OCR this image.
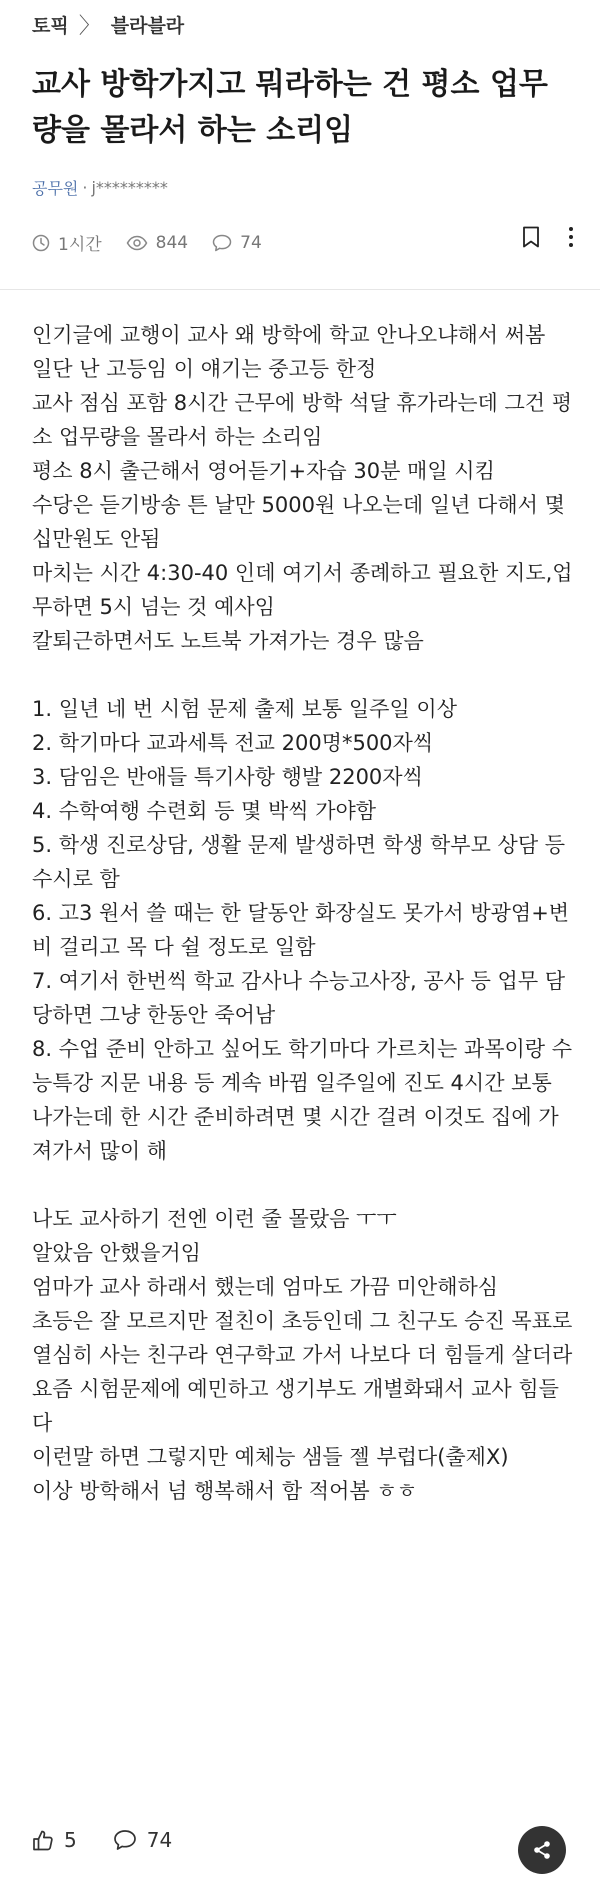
토픽 〉 블라블라
교사 방학가지고 뭐라하는 건 평소 업무량을 몰라서 하는 소리임
공무원 · j*********
1시간	844	74

인기글에 교행이 교사 왜 방학에 학교 안나오냐해서 써봄

일단 난 고등임 이 얘기는 중고등 한정

교사 점심 포함 8시간 근무에 방학 석달 휴가라는데 그건 평소 업무량을 몰라서 하는 소리임

평소 8시 출근해서 영어듣기+자습 30분 매일 시킴

수당은 듣기방송 튼 날만 5000원 나오는데 일년 다해서 몇십만원도 안됨

마치는 시간 4:30-40 인데 여기서 종례하고 필요한 지도,업무하면 5시 넘는 것 예사임

칼퇴근하면서도 노트북 가져가는 경우 많음

1. 일년 네 번 시험 문제 출제 보통 일주일 이상

2. 학기마다 교과세특 전교 200명*500자씩

3. 담임은 반애들 특기사항 행발 2200자씩

4. 수학여행 수련회 등 몇 박씩 가야함

5. 학생 진로상담, 생활 문제 발생하면 학생 학부모 상담 등 수시로 함

6. 고3 원서 쓸 때는 한 달동안 화장실도 못가서 방광염+변비 걸리고 목 다 쉴 정도로 일함

7. 여기서 한번씩 학교 감사나 수능고사장, 공사 등 업무 담당하면 그냥 한동안 죽어남

8. 수업 준비 안하고 싶어도 학기마다 가르치는 과목이랑 수능특강 지문 내용 등 계속 바뀜 일주일에 진도 4시간 보통 나가는데 한 시간 준비하려면 몇 시간 걸려 이것도 집에 가져가서 많이 해

나도 교사하기 전엔 이런 줄 몰랐음 ㅜㅜ

알았음 안했을거임

엄마가 교사 하래서 했는데 엄마도 가끔 미안해하심

초등은 잘 모르지만 절친이 초등인데 그 친구도 승진 목표로 열심히 사는 친구라 연구학교 가서 나보다 더 힘들게 살더라

요즘 시험문제에 예민하고 생기부도 개별화돼서 교사 힘들다

이런말 하면 그렇지만 예체능 샘들 젤 부럽다(출제X)

이상 방학해서 넘 행복해서 함 적어봄 ㅎㅎ

5	74
